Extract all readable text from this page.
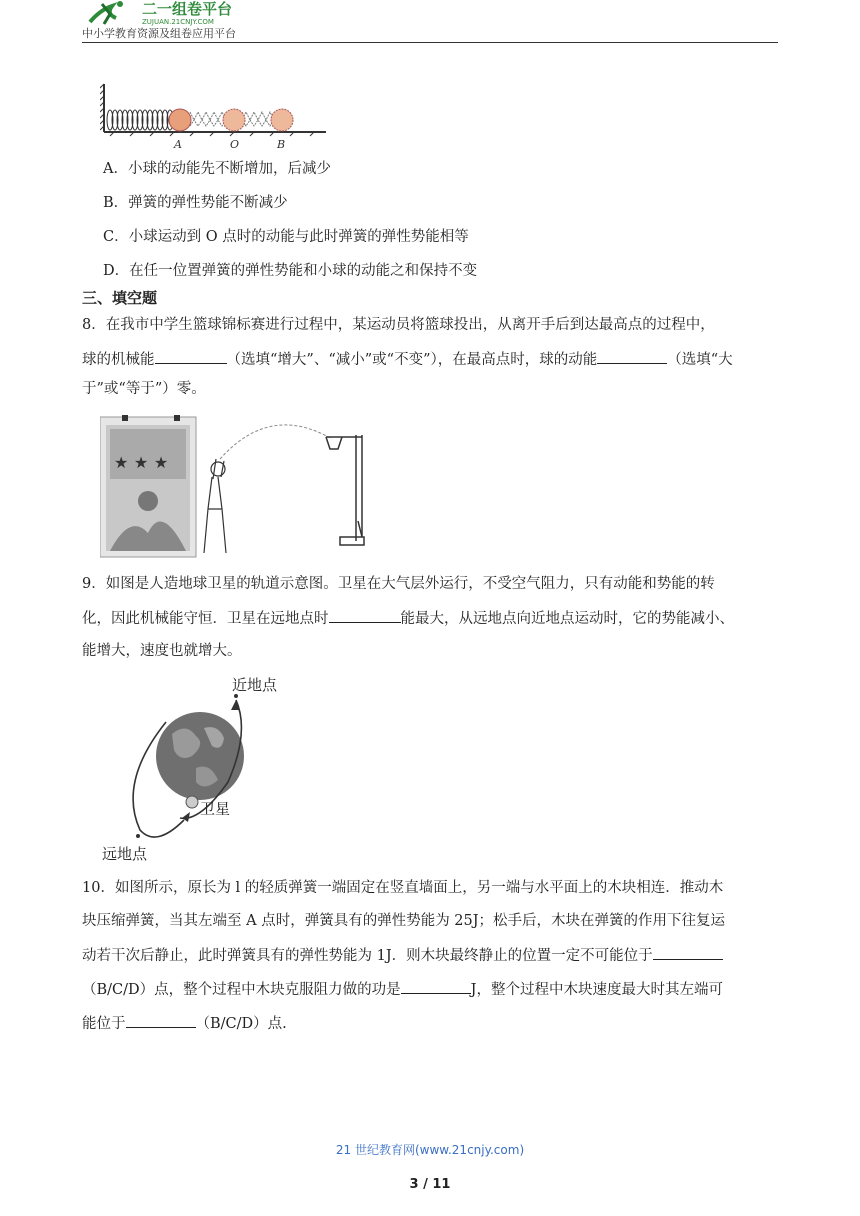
二一组卷平台
ZUJUAN.21CNJY.COM
中小学教育资源及组卷应用平台
A	O	B
A．小球的动能先不断增加，后减少
B．弹簧的弹性势能不断减少
C．小球运动到 O 点时的动能与此时弹簧的弹性势能相等
D．在任一位置弹簧的弹性势能和小球的动能之和保持不变
三、填空题
8．在我市中学生篮球锦标赛进行过程中，某运动员将篮球投出，从离开手后到达最高点的过程中，
球的机械能	（选填“增大”、“减小”或“不变”），在最高点时，球的动能	（选填“大
于”或“等于”）零。
★ ★ ★
9．如图是人造地球卫星的轨道示意图。卫星在大气层外运行，不受空气阻力，只有动能和势能的转
化，因此机械能守恒．卫星在远地点时	能最大，从远地点向近地点运动时，它的势能减小、
能增大，速度也就增大。
近地点
卫星
远地点
10．如图所示，原长为 l 的轻质弹簧一端固定在竖直墙面上，另一端与水平面上的木块相连．推动木
块压缩弹簧，当其左端至 A 点时，弹簧具有的弹性势能为 25J；松手后，木块在弹簧的作用下往复运
动若干次后静止，此时弹簧具有的弹性势能为 1J．则木块最终静止的位置一定不可能位于
（B/C/D）点，整个过程中木块克服阻力做的功是	J，整个过程中木块速度最大时其左端可
能位于	（B/C/D）点.
21 世纪教育网(www.21cnjy.com)
3 / 11
